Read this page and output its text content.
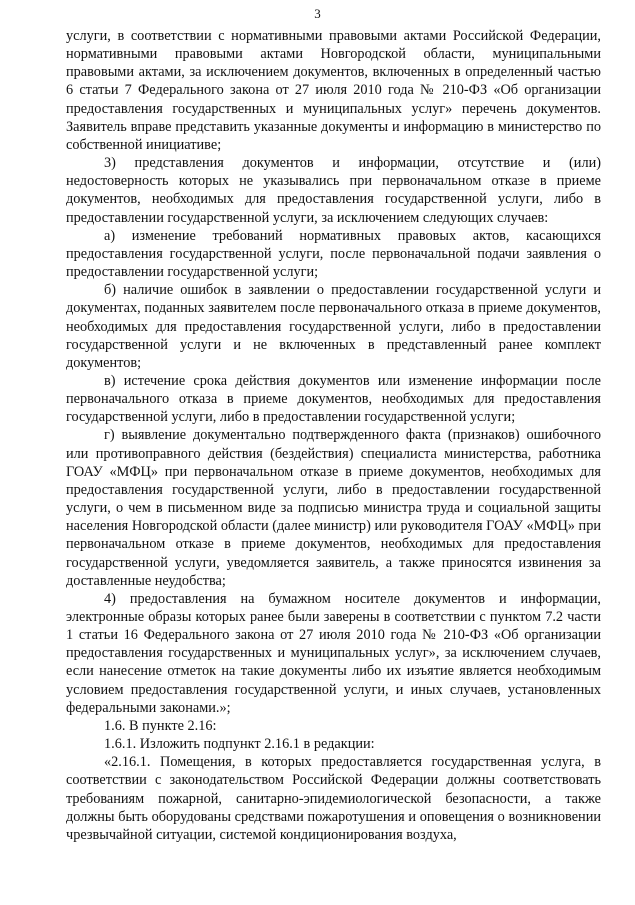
3

услуги, в соответствии с нормативными правовыми актами Российской Федерации, нормативными правовыми актами Новгородской области, муниципальными правовыми актами, за исключением документов, включенных в определенный частью 6 статьи 7 Федерального закона от 27 июля 2010 года № 210-ФЗ «Об организации предоставления государственных и муниципальных услуг» перечень документов. Заявитель вправе представить указанные документы и информацию в министерство по собственной инициативе;

3) представления документов и информации, отсутствие и (или) недостоверность которых не указывались при первоначальном отказе в приеме документов, необходимых для предоставления государственной услуги, либо в предоставлении государственной услуги, за исключением следующих случаев:

а) изменение требований нормативных правовых актов, касающихся предоставления государственной услуги, после первоначальной подачи заявления о предоставлении государственной услуги;

б) наличие ошибок в заявлении о предоставлении государственной услуги и документах, поданных заявителем после первоначального отказа в приеме документов, необходимых для предоставления государственной услуги, либо в предоставлении государственной услуги и не включенных в представленный ранее комплект документов;

в) истечение срока действия документов или изменение информации после первоначального отказа в приеме документов, необходимых для предоставления государственной услуги, либо в предоставлении государственной услуги;

г) выявление документально подтвержденного факта (признаков) ошибочного или противоправного действия (бездействия) специалиста министерства, работника ГОАУ «МФЦ» при первоначальном отказе в приеме документов, необходимых для предоставления государственной услуги, либо в предоставлении государственной услуги, о чем в письменном виде за подписью министра труда и социальной защиты населения Новгородской области (далее министр) или руководителя ГОАУ «МФЦ» при первоначальном отказе в приеме документов, необходимых для предоставления государственной услуги, уведомляется заявитель, а также приносятся извинения за доставленные неудобства;

4) предоставления на бумажном носителе документов и информации, электронные образы которых ранее были заверены в соответствии с пунктом 7.2 части 1 статьи 16 Федерального закона от 27 июля 2010 года № 210-ФЗ «Об организации предоставления государственных и муниципальных услуг», за исключением случаев, если нанесение отметок на такие документы либо их изъятие является необходимым условием предоставления государственной услуги, и иных случаев, установленных федеральными законами.»;

1.6. В пункте 2.16:

1.6.1. Изложить подпункт 2.16.1 в редакции:

«2.16.1. Помещения, в которых предоставляется государственная услуга, в соответствии с законодательством Российской Федерации должны соответствовать требованиям пожарной, санитарно-эпидемиологической безопасности, а также должны быть оборудованы средствами пожаротушения и оповещения о возникновении чрезвычайной ситуации, системой кондиционирования воздуха,
